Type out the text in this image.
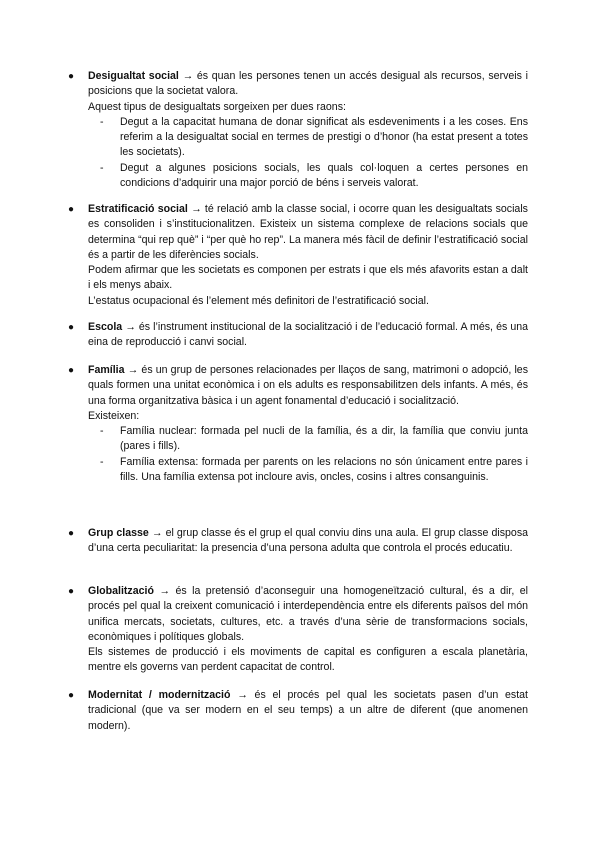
● Desigualtat social → és quan les persones tenen un accés desigual als recursos, serveis i posicions que la societat valora.

Aquest tipus de desigualtats sorgeixen per dues raons:

- Degut a la capacitat humana de donar significat als esdeveniments i a les coses. Ens referim a la desigualtat social en termes de prestigi o d’honor (ha estat present a totes les societats).

- Degut a algunes posicions socials, les quals col·loquen a certes persones en condicions d’adquirir una major porció de béns i serveis valorat.

● Estratificació social → té relació amb la classe social, i ocorre quan les desigualtats socials es consoliden i s’institucionalitzen. Existeix un sistema complexe de relacions socials que determina “qui rep què” i “per què ho rep”. La manera més fàcil de definir l’estratificació social és a partir de les diferències socials.

Podem afirmar que les societats es componen per estrats i que els més afavorits estan a dalt i els menys abaix.

L’estatus ocupacional és l’element més definitori de l’estratificació social.

● Escola → és l’instrument institucional de la socialització i de l’educació formal. A més, és una eina de reproducció i canvi social.

● Família → és un grup de persones relacionades per llaços de sang, matrimoni o adopció, les quals formen una unitat econòmica i on els adults es responsabilitzen dels infants. A més, és una forma organitzativa bàsica i un agent fonamental d’educació i socialització.

Existeixen:

- Família nuclear: formada pel nucli de la família, és a dir, la família que conviu junta (pares i fills).

- Família extensa: formada per parents on les relacions no són únicament entre pares i fills. Una família extensa pot incloure avis, oncles, cosins i altres consanguinis.

● Grup classe → el grup classe és el grup el qual conviu dins una aula. El grup classe disposa d’una certa peculiaritat: la presencia d’una persona adulta que controla el procés educatiu.

● Globalització → és la pretensió d’aconseguir una homogeneïtzació cultural, és a dir, el procés pel qual la creixent comunicació i interdependència entre els diferents països del món unifica mercats, societats, cultures, etc. a través d’una sèrie de transformacions socials, econòmiques i polítiques globals.

Els sistemes de producció i els moviments de capital es configuren a escala planetària, mentre els governs van perdent capacitat de control.

● Modernitat / modernització → és el procés pel qual les societats pasen d’un estat tradicional (que va ser modern en el seu temps) a un altre de diferent (que anomenen modern).
